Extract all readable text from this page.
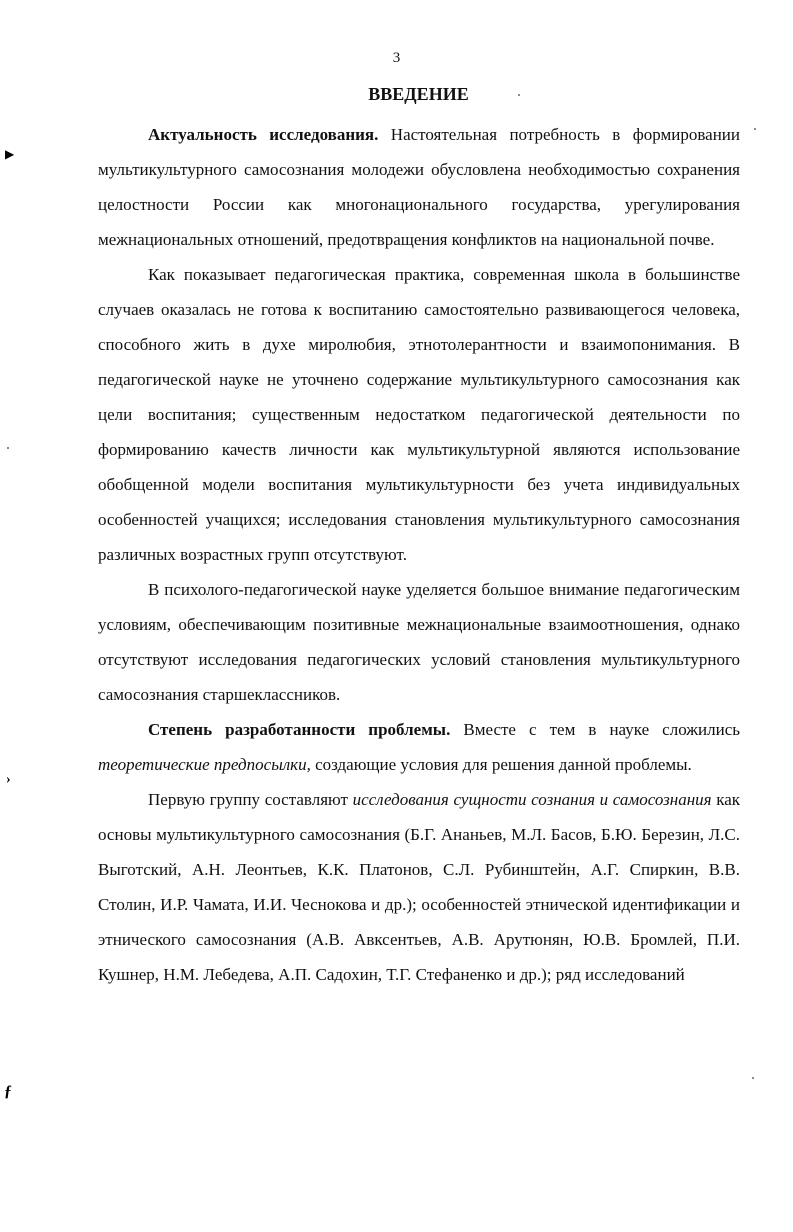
3
ВВЕДЕНИЕ

Актуальность исследования. Настоятельная потребность в формировании мультикультурного самосознания молодежи обусловлена необходимостью сохранения целостности России как многонационального государства, урегулирования межнациональных отношений, предотвращения конфликтов на национальной почве.

Как показывает педагогическая практика, современная школа в большинстве случаев оказалась не готова к воспитанию самостоятельно развивающегося человека, способного жить в духе миролюбия, этнотолерантности и взаимопонимания. В педагогической науке не уточнено содержание мультикультурного самосознания как цели воспитания; существенным недостатком педагогической деятельности по формированию качеств личности как мультикультурной являются использование обобщенной модели воспитания мультикультурности без учета индивидуальных особенностей учащихся; исследования становления мультикультурного самосознания различных возрастных групп отсутствуют.

В психолого-педагогической науке уделяется большое внимание педагогическим условиям, обеспечивающим позитивные межнациональные взаимоотношения, однако отсутствуют исследования педагогических условий становления мультикультурного самосознания старшеклассников.

Степень разработанности проблемы. Вместе с тем в науке сложились теоретические предпосылки, создающие условия для решения данной проблемы.

Первую группу составляют исследования сущности сознания и самосознания как основы мультикультурного самосознания (Б.Г. Ананьев, М.Л. Басов, Б.Ю. Березин, Л.С. Выготский, А.Н. Леонтьев, К.К. Платонов, С.Л. Рубинштейн, А.Г. Спиркин, В.В. Столин, И.Р. Чамата, И.И. Чеснокова и др.); особенностей этнической идентификации и этнического самосознания (А.В. Авксентьев, А.В. Арутюнян, Ю.В. Бромлей, П.И. Кушнер, Н.М. Лебедева, А.П. Садохин, Т.Г. Стефаненко и др.); ряд исследований

▶
›
ƒ
